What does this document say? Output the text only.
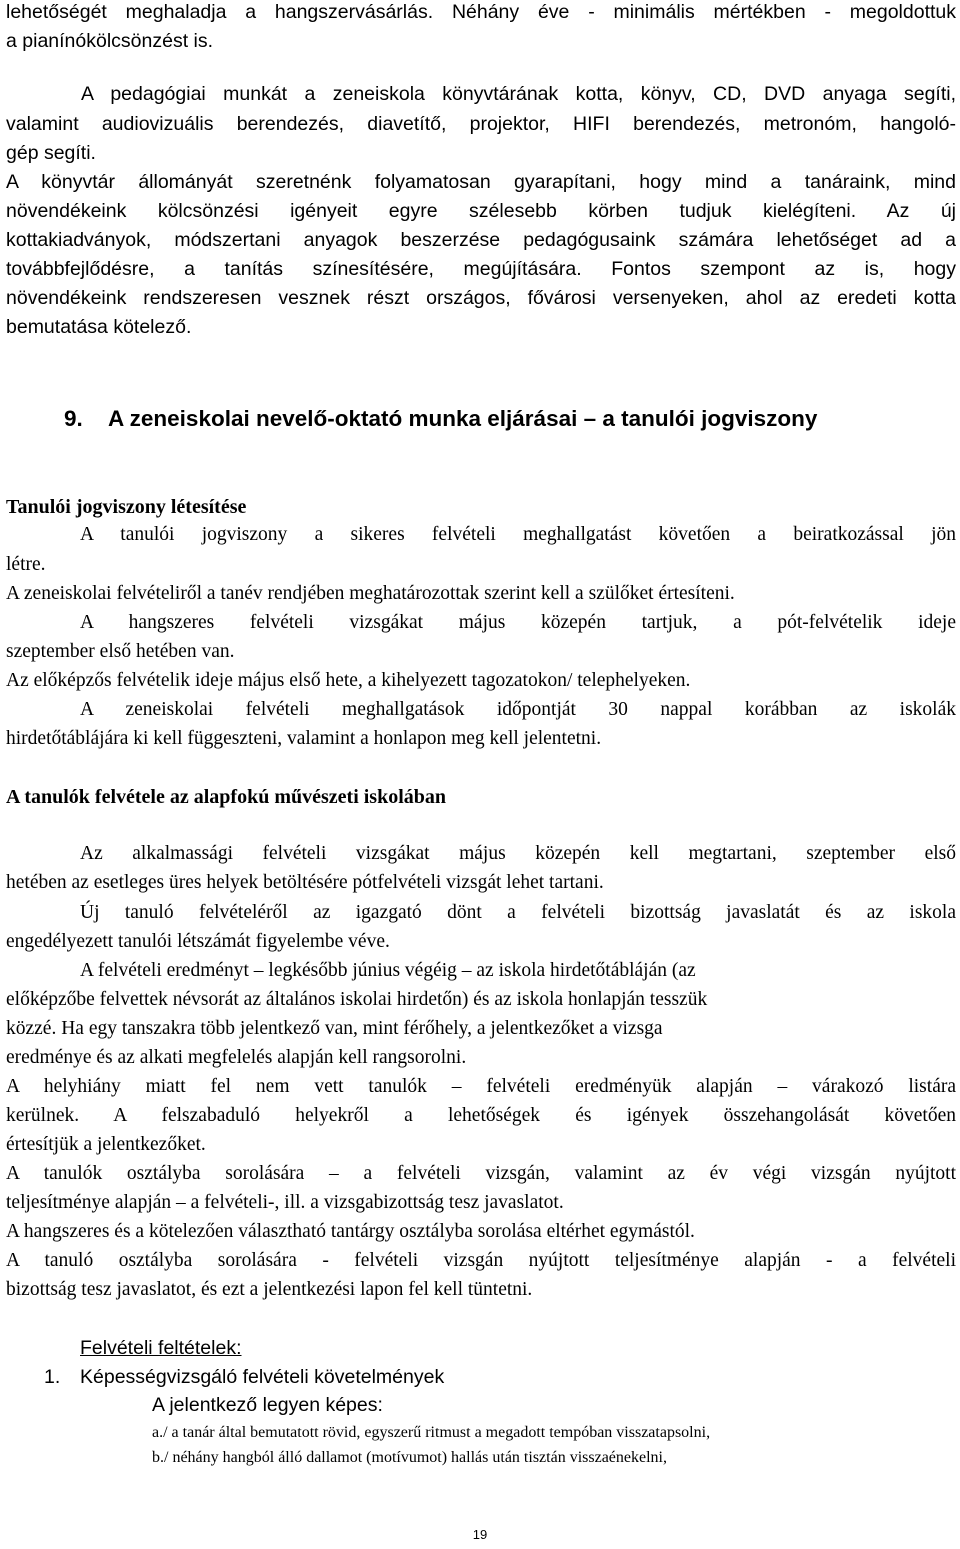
lehetőségét meghaladja a hangszervásárlás. Néhány éve - minimális mértékben - megoldottuk
a pianínókölcsönzést is.
A pedagógiai munkát a zeneiskola könyvtárának kotta, könyv, CD, DVD anyaga segíti,
valamint audiovizuális berendezés, diavetítő, projektor, HIFI berendezés, metronóm, hangoló-
gép segíti.
A könyvtár állományát szeretnénk folyamatosan gyarapítani, hogy mind a tanáraink, mind
növendékeink kölcsönzési igényeit egyre szélesebb körben tudjuk kielégíteni. Az új
kottakiadványok, módszertani anyagok beszerzése pedagógusaink számára lehetőséget ad a
továbbfejlődésre, a tanítás színesítésére, megújítására. Fontos szempont az is, hogy
növendékeink rendszeresen vesznek részt országos, fővárosi versenyeken, ahol az eredeti kotta
bemutatása kötelező.
9. A zeneiskolai nevelő-oktató munka eljárásai – a tanulói jogviszony
Tanulói jogviszony létesítése
A tanulói jogviszony a sikeres felvételi meghallgatást követően a beiratkozással jön
létre.
A zeneiskolai felvételiről a tanév rendjében meghatározottak szerint kell a szülőket értesíteni.
A hangszeres felvételi vizsgákat május közepén tartjuk, a pót-felvételik ideje
szeptember első hetében van.
Az előképzős felvételik ideje május első hete, a kihelyezett tagozatokon/ telephelyeken.
A zeneiskolai felvételi meghallgatások időpontját 30 nappal korábban az iskolák
hirdetőtáblájára ki kell függeszteni, valamint a honlapon meg kell jelentetni.
A tanulók felvétele az alapfokú művészeti iskolában
Az alkalmassági felvételi vizsgákat május közepén kell megtartani, szeptember első
hetében az esetleges üres helyek betöltésére pótfelvételi vizsgát lehet tartani.
Új tanuló felvételéről az igazgató dönt a felvételi bizottság javaslatát és az iskola
engedélyezett tanulói létszámát figyelembe véve.
A felvételi eredményt – legkésőbb június végéig – az iskola hirdetőtábláján (az
előképzőbe felvettek névsorát az általános iskolai hirdetőn) és az iskola honlapján tesszük
közzé. Ha egy tanszakra több jelentkező van, mint férőhely, a jelentkezőket a vizsga
eredménye és az alkati megfelelés alapján kell rangsorolni.
A helyhiány miatt fel nem vett tanulók – felvételi eredményük alapján – várakozó listára
kerülnek. A felszabaduló helyekről a lehetőségek és igények összehangolását követően
értesítjük a jelentkezőket.
A tanulók osztályba sorolására – a felvételi vizsgán, valamint az év végi vizsgán nyújtott
teljesítménye alapján – a felvételi-, ill. a vizsgabizottság tesz javaslatot.
A hangszeres és a kötelezően választható tantárgy osztályba sorolása eltérhet egymástól.
A tanuló osztályba sorolására - felvételi vizsgán nyújtott teljesítménye alapján - a felvételi
bizottság tesz javaslatot, és ezt a jelentkezési lapon fel kell tüntetni.
Felvételi feltételek:
1. Képességvizsgáló felvételi követelmények
A jelentkező legyen képes:
a./ a tanár által bemutatott rövid, egyszerű ritmust a megadott tempóban visszatapsolni,
b./ néhány hangból álló dallamot (motívumot) hallás után tisztán visszaénekelni,
19
